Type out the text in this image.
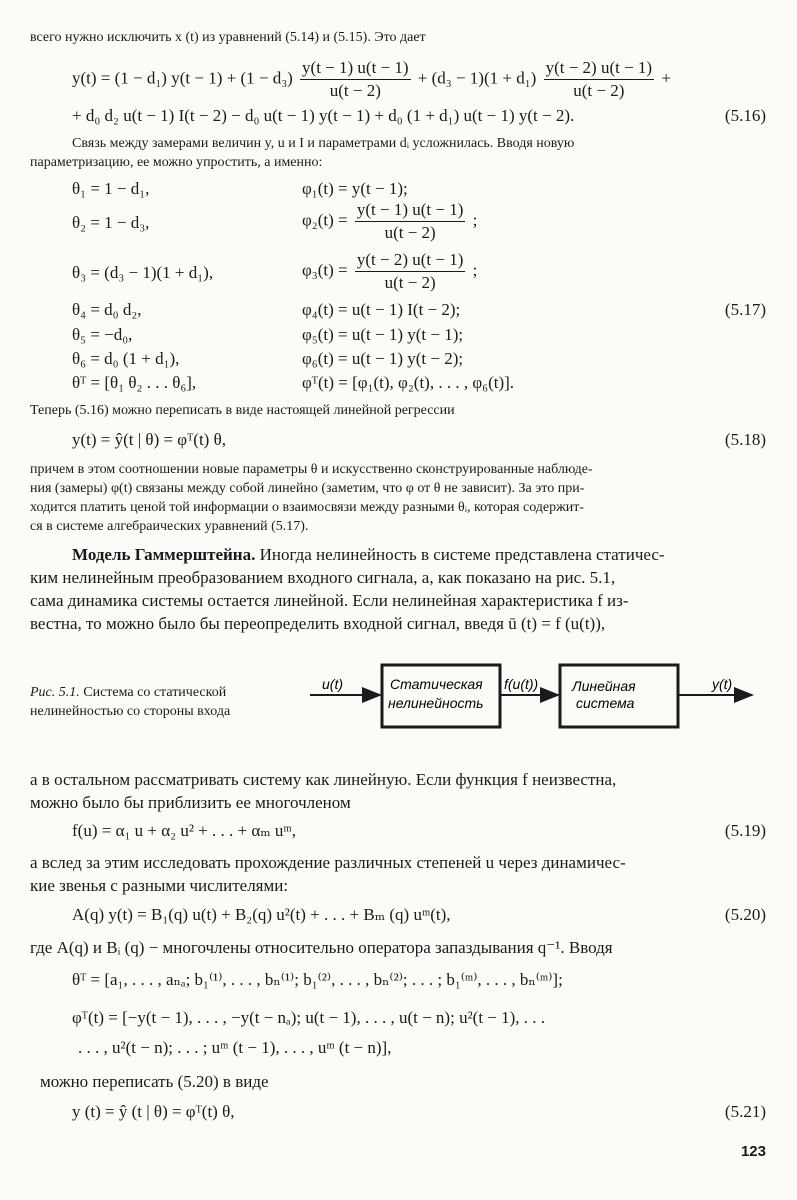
всего нужно исключить x (t) из уравнений (5.14) и (5.15). Это дает
y(t) = (1 − d₁) $y(t - 1) + (1 - d_3) \frac{y(t - 1) u(t - 1)}{u(t - 2)} + (d_3 - 1)(1 + d_1) \frac{y(t - 2) u(t - 1)}{u(t - 2)}$ +
+ d₀ d₂ u(t − 1) I(t − 2) − d₀ u(t − 1) y(t − 1) + d₀ (1 + d₁) u(t − 1) y(t − 2).	(5.16)
Связь между замерами величин y, u и I и параметрами dᵢ усложнилась. Вводя новую
параметризацию, ее можно упростить, а именно:
θ₁ = 1 − d₁,	φ₁(t) = y(t − 1);
θ₂ = 1 − d₃,	$\varphi_2(t) = \frac{y(t - 1) u(t - 1)}{u(t - 2)}$ ;
θ₃ = (d₃ − 1)(1 + d₁),	$\varphi_3(t) = \frac{y(t - 2) u(t - 1)}{u(t - 2)}$ ;
θ₄ = d₀ d₂,	φ₄(t) = u(t − 1) I(t − 2);	(5.17)
θ₅ = −d₀,	φ₅(t) = u(t − 1) y(t − 1);
θ₆ = d₀ (1 + d₁),	φ₆(t) = u(t − 1) y(t − 2);
θᵀ = [θ₁ θ₂ . . . θ₆],	φᵀ(t) = [φ₁(t), φ₂(t), . . . , φ₆(t)].
Теперь (5.16) можно переписать в виде настоящей линейной регрессии
y(t) = ŷ(t | θ) = φᵀ(t) θ,	(5.18)
причем в этом соотношении новые параметры θ и искусственно сконструированные наблюде-
ния (замеры) φ(t) связаны между собой линейно (заметим, что φ от θ не зависит). За это при-
ходится платить ценой той информации о взаимосвязи между разными θᵢ, которая содержит-
ся в системе алгебраических уравнений (5.17).
Модель Гаммерштейна. Иногда нелинейность в системе представлена статичес-
ким нелинейным преобразованием входного сигнала, а, как показано на рис. 5.1,
сама динамика системы остается линейной. Если нелинейная характеристика f из-
вестна, то можно было бы переопределить входной сигнал, введя ū (t) = f (u(t)),
Рис. 5.1. Система со статической
нелинейностью со стороны входа
u(t)	Статическая
нелинейность
f(u(t)) Линейная
система
y(t)
а в остальном рассматривать систему как линейную. Если функция f неизвестна,
можно было бы приблизить ее многочленом
f(u) = α₁ u + α₂ u² + . . . + αₘ uᵐ,	(5.19)
а вслед за этим исследовать прохождение различных степеней u через динамичес-
кие звенья с разными числителями:
A(q) y(t) = B₁(q) u(t) + B₂(q) u²(t) + . . . + Bₘ (q) uᵐ(t),	(5.20)
где A(q) и Bᵢ (q) − многочлены относительно оператора запаздывания q⁻¹. Вводя
θᵀ = [a₁, . . . , aₙₐ; b₁⁽¹⁾, . . . , bₙ⁽¹⁾; b₁⁽²⁾, . . . , bₙ⁽²⁾; . . . ; b₁⁽ᵐ⁾, . . . , bₙ⁽ᵐ⁾];
φᵀ(t) = [−y(t − 1), . . . , −y(t − nₐ); u(t − 1), . . . , u(t − n); u²(t − 1), . . .
. . . , u²(t − n); . . . ; uᵐ (t − 1), . . . , uᵐ (t − n)],
можно переписать (5.20) в виде
y (t) = ŷ (t | θ) = φᵀ(t) θ,	(5.21)
123
